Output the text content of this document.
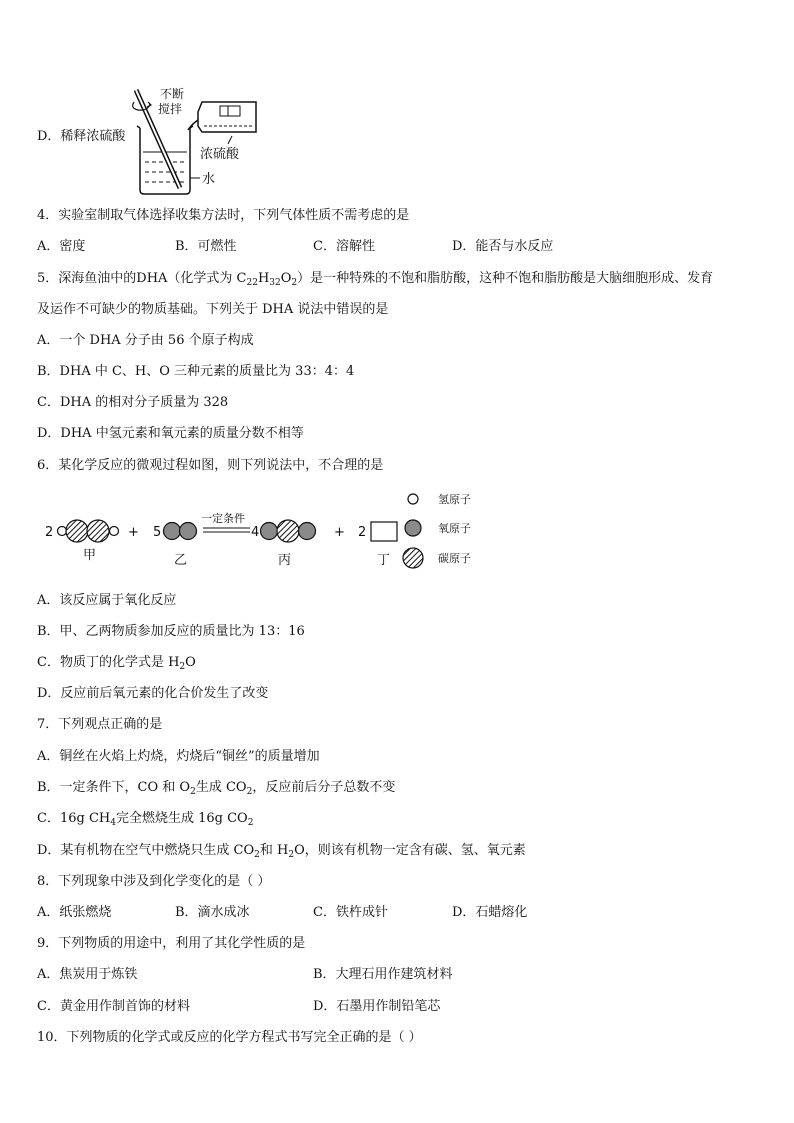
D．稀释浓硫酸
不断
搅拌
浓硫酸
水
4．实验室制取气体选择收集方法时，下列气体性质不需考虑的是
A．密度	B．可燃性	C．溶解性	D．能否与水反应
5．深海鱼油中的DHA（化学式为 $C_{22}H_{32}O_2$）是一种特殊的不饱和脂肪酸，这种不饱和脂肪酸是大脑细胞形成、发育
及运作不可缺少的物质基础。下列关于 DHA 说法中错误的是
A．一个 DHA 分子由 56 个原子构成
B．DHA 中 C、H、O 三种元素的质量比为 33：4：4
C．DHA 的相对分子质量为 328
D．DHA 中氢元素和氧元素的质量分数不相等
6．某化学反应的微观过程如图，则下列说法中，不合理的是
2
甲
+ 5
乙
一定条件
4
丙
+ 2
丁
氢原子
氧原子
碳原子
A．该反应属于氧化反应
B．甲、乙两物质参加反应的质量比为 13：16
C．物质丁的化学式是 $H_2O$
D．反应前后氧元素的化合价发生了改变
7．下列观点正确的是
A．铜丝在火焰上灼烧，灼烧后“铜丝”的质量增加
B．一定条件下，CO 和 $O_2$生成 $CO_2$，反应前后分子总数不变
C．16g $CH_4$完全燃烧生成 16g $CO_2$
D．某有机物在空气中燃烧只生成 $CO_2$和 $H_2O$，则该有机物一定含有碳、氢、氧元素
8．下列现象中涉及到化学变化的是（ ）
A．纸张燃烧	B．滴水成冰	C．铁杵成针	D．石蜡熔化
9．下列物质的用途中，利用了其化学性质的是
A．焦炭用于炼铁	B．大理石用作建筑材料
C．黄金用作制首饰的材料	D．石墨用作制铅笔芯
10．下列物质的化学式或反应的化学方程式书写完全正确的是（ ）
